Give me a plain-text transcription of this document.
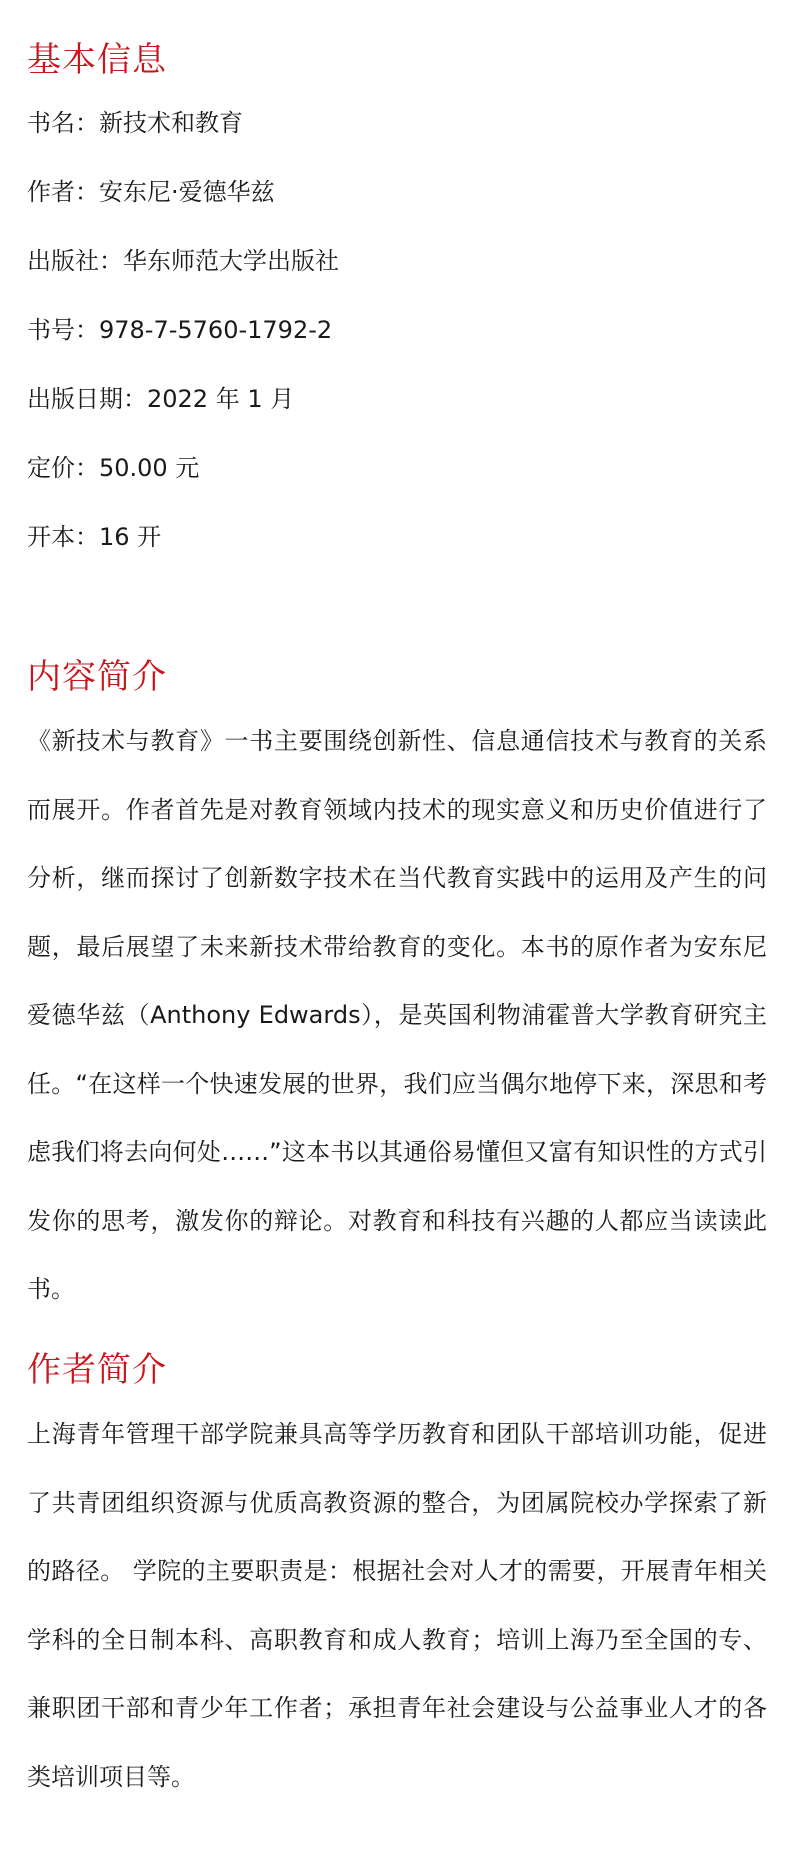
基本信息

书名：新技术和教育

作者：安东尼·爱德华兹

出版社：华东师范大学出版社

书号：978-7-5760-1792-2

出版日期：2022 年 1 月

定价：50.00 元

开本：16 开

内容简介

《新技术与教育》一书主要围绕创新性、信息通信技术与教育的关系而展开。作者首先是对教育领域内技术的现实意义和历史价值进行了分析，继而探讨了创新数字技术在当代教育实践中的运用及产生的问题，最后展望了未来新技术带给教育的变化。本书的原作者为安东尼爱德华兹（Anthony Edwards），是英国利物浦霍普大学教育研究主任。“在这样一个快速发展的世界，我们应当偶尔地停下来，深思和考虑我们将去向何处……”这本书以其通俗易懂但又富有知识性的方式引发你的思考，激发你的辩论。对教育和科技有兴趣的人都应当读读此书。

作者简介

上海青年管理干部学院兼具高等学历教育和团队干部培训功能，促进了共青团组织资源与优质高教资源的整合，为团属院校办学探索了新的路径。 学院的主要职责是：根据社会对人才的需要，开展青年相关学科的全日制本科、高职教育和成人教育；培训上海乃至全国的专、兼职团干部和青少年工作者；承担青年社会建设与公益事业人才的各类培训项目等。
